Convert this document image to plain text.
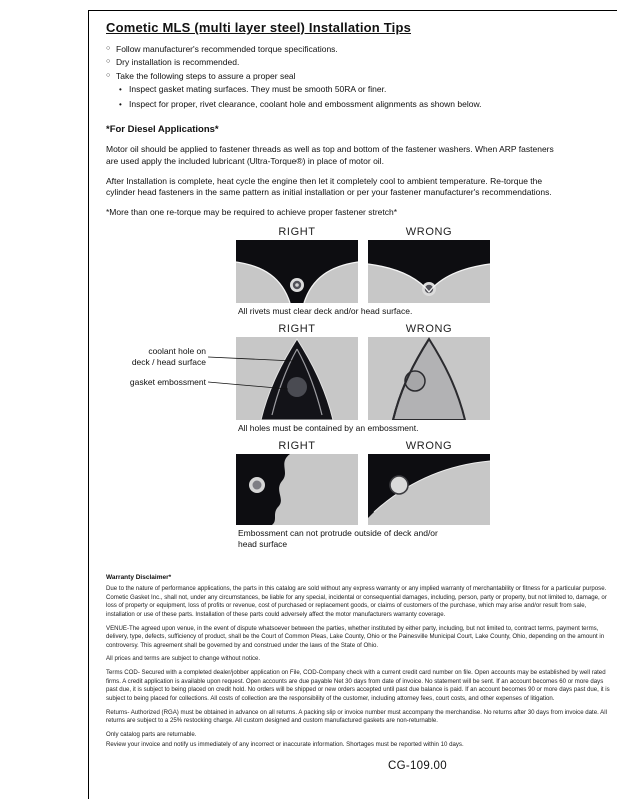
Cometic MLS (multi layer steel) Installation Tips
○ Follow manufacturer's recommended torque specifications.
○ Dry installation is recommended.
○ Take the following steps to assure a proper seal
• Inspect gasket mating surfaces. They must be smooth 50RA or finer.
• Inspect for proper, rivet clearance, coolant hole and embossment alignments as shown below.
*For Diesel Applications*

Motor oil should be applied to fastener threads as well as top and bottom of the fastener washers. When ARP fasteners are used apply the included lubricant (Ultra-Torque®) in place of motor oil.

After Installation is complete, heat cycle the engine then let it completely cool to ambient temperature. Re-torque the cylinder head fasteners in the same pattern as initial installation or per your fastener manufacturer's recommendations.

*More than one re-torque may be required to achieve proper fastener stretch*

RIGHT	WRONG
All rivets must clear deck and/or head surface.
RIGHT	WRONG
All holes must be contained by an embossment.
RIGHT	WRONG
Embossment can not protrude outside of deck and/or head surface
coolant hole on
deck / head surface
gasket embossment
Warranty Disclaimer*

Due to the nature of performance applications, the parts in this catalog are sold without any express warranty or any implied warranty of merchantability or fitness for a particular purpose. Cometic Gasket Inc., shall not, under any circumstances, be liable for any special, incidental or consequential damages, including, person, party or property, but not limited to, damage, or loss of property or equipment, loss of profits or revenue, cost of purchased or replacement goods, or claims of customers of the purchase, which may arise and/or result from sale, installation or use of these parts. Installation of these parts could adversely affect the motor manufacturers warranty coverage.

VENUE-The agreed upon venue, in the event of dispute whatsoever between the parties, whether instituted by either party, including, but not limited to, contract terms, payment terms, delivery, type, defects, sufficiency of product, shall be the Court of Common Pleas, Lake County, Ohio or the Painesville Municipal Court, Lake County, Ohio, depending on the amount in controversy. This agreement shall be governed by and construed under the laws of the State of Ohio.

All prices and terms are subject to change without notice.

Terms COD- Secured with a completed dealer/jobber application on File, COD-Company check with a current credit card number on file. Open accounts may be established by well rated firms. A credit application is available upon request. Open accounts are due payable Net 30 days from date of invoice. No statement will be sent. If an account becomes 60 or more days past due, it is subject to being placed on credit hold. No orders will be shipped or new orders accepted until past due balance is paid. If an account becomes 90 or more days past due, it is subject to being placed for collections. All costs of collection are the responsibility of the customer, including attorney fees, court costs, and other expenses of litigation.

Returns- Authorized (RGA) must be obtained in advance on all returns. A packing slip or invoice number must accompany the merchandise. No returns after 30 days from invoice date. All returns are subject to a 25% restocking charge. All custom designed and custom manufactured gaskets are non-returnable.

Only catalog parts are returnable.

Review your invoice and notify us immediately of any incorrect or inaccurate information. Shortages must be reported within 10 days.

CG-109.00
